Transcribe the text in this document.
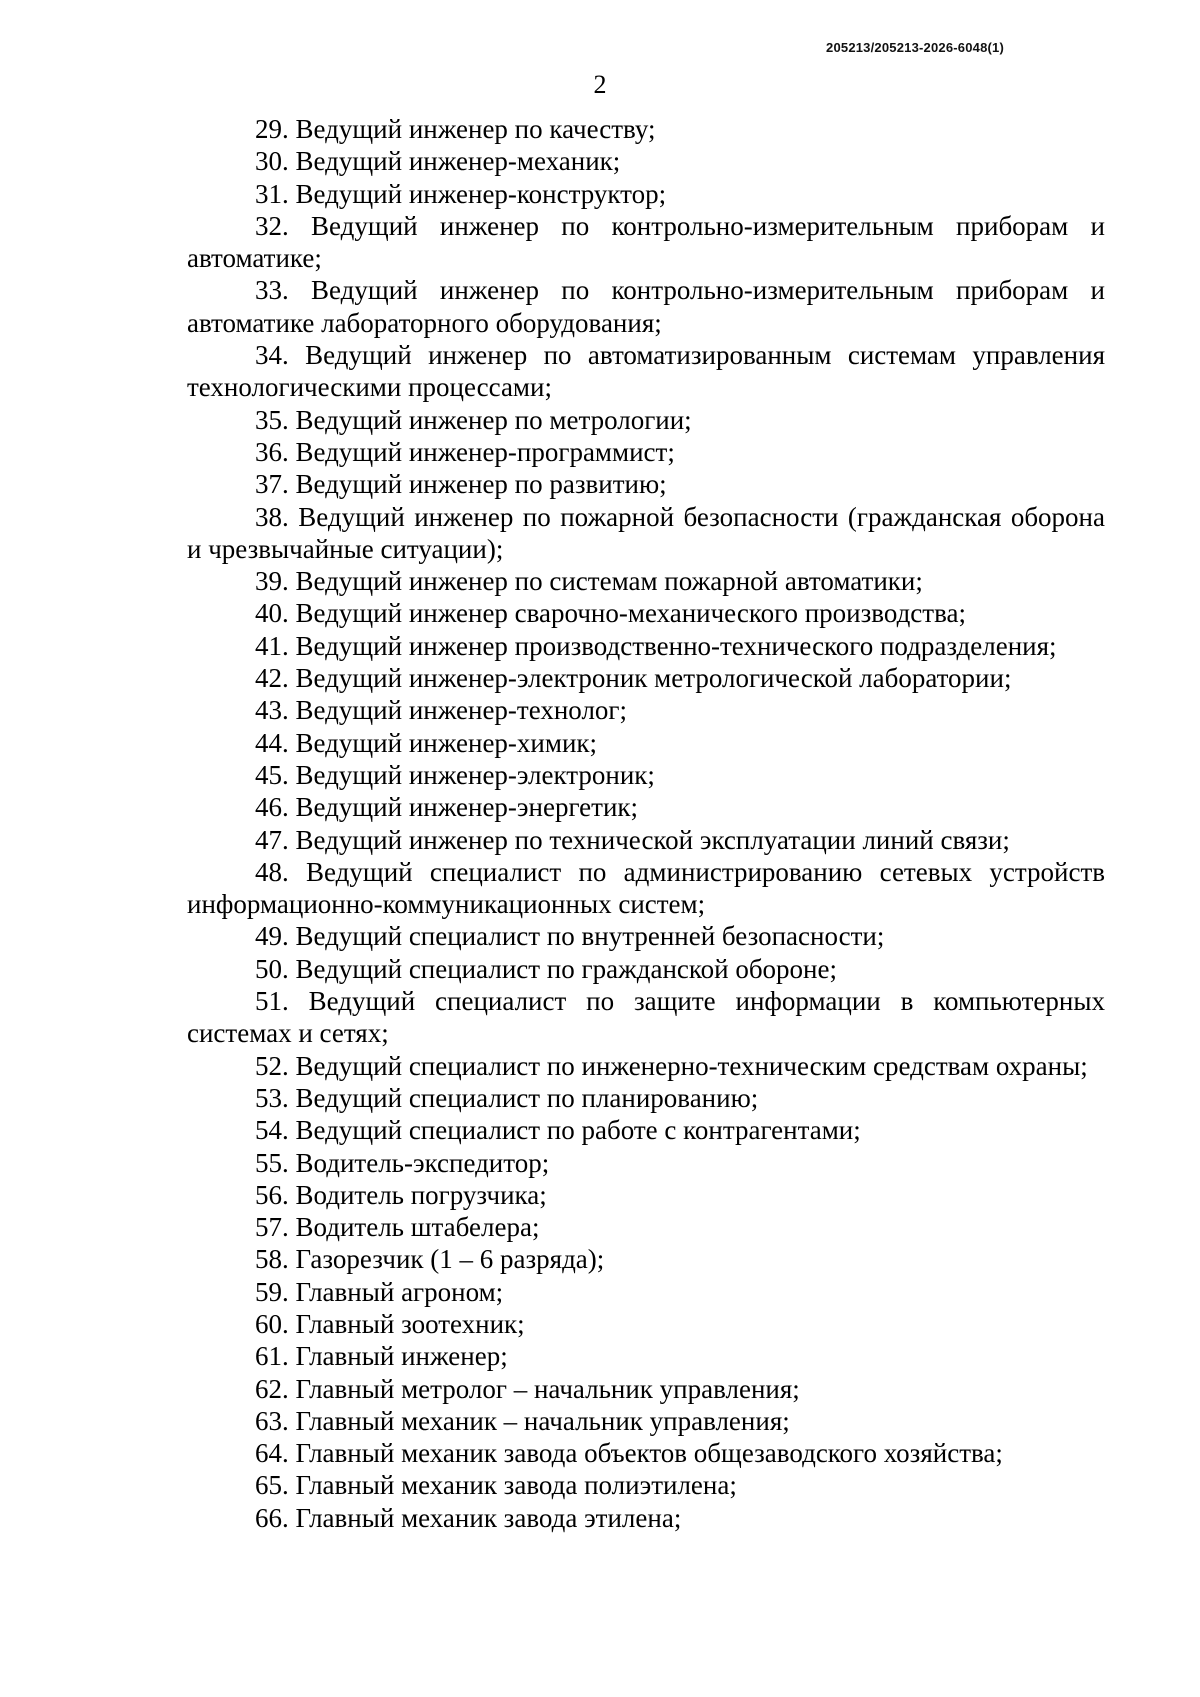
205213/205213-2026-6048(1)
2
29. Ведущий инженер по качеству;
30. Ведущий инженер-механик;
31. Ведущий инженер-конструктор;
32. Ведущий инженер по контрольно-измерительным приборам и автоматике;
33. Ведущий инженер по контрольно-измерительным приборам и автоматике лабораторного оборудования;
34. Ведущий инженер по автоматизированным системам управления технологическими процессами;
35. Ведущий инженер по метрологии;
36. Ведущий инженер-программист;
37. Ведущий инженер по развитию;
38. Ведущий инженер по пожарной безопасности (гражданская оборона и чрезвычайные ситуации);
39. Ведущий инженер по системам пожарной автоматики;
40. Ведущий инженер сварочно-механического производства;
41. Ведущий инженер производственно-технического подразделения;
42. Ведущий инженер-электроник метрологической лаборатории;
43. Ведущий инженер-технолог;
44. Ведущий инженер-химик;
45. Ведущий инженер-электроник;
46. Ведущий инженер-энергетик;
47. Ведущий инженер по технической эксплуатации линий связи;
48. Ведущий специалист по администрированию сетевых устройств информационно-коммуникационных систем;
49. Ведущий специалист по внутренней безопасности;
50. Ведущий специалист по гражданской обороне;
51. Ведущий специалист по защите информации в компьютерных системах и сетях;
52. Ведущий специалист по инженерно-техническим средствам охраны;
53. Ведущий специалист по планированию;
54. Ведущий специалист по работе с контрагентами;
55. Водитель-экспедитор;
56. Водитель погрузчика;
57. Водитель штабелера;
58. Газорезчик (1 – 6 разряда);
59. Главный агроном;
60. Главный зоотехник;
61. Главный инженер;
62. Главный метролог – начальник управления;
63. Главный механик – начальник управления;
64. Главный механик завода объектов общезаводского хозяйства;
65. Главный механик завода полиэтилена;
66. Главный механик завода этилена;
